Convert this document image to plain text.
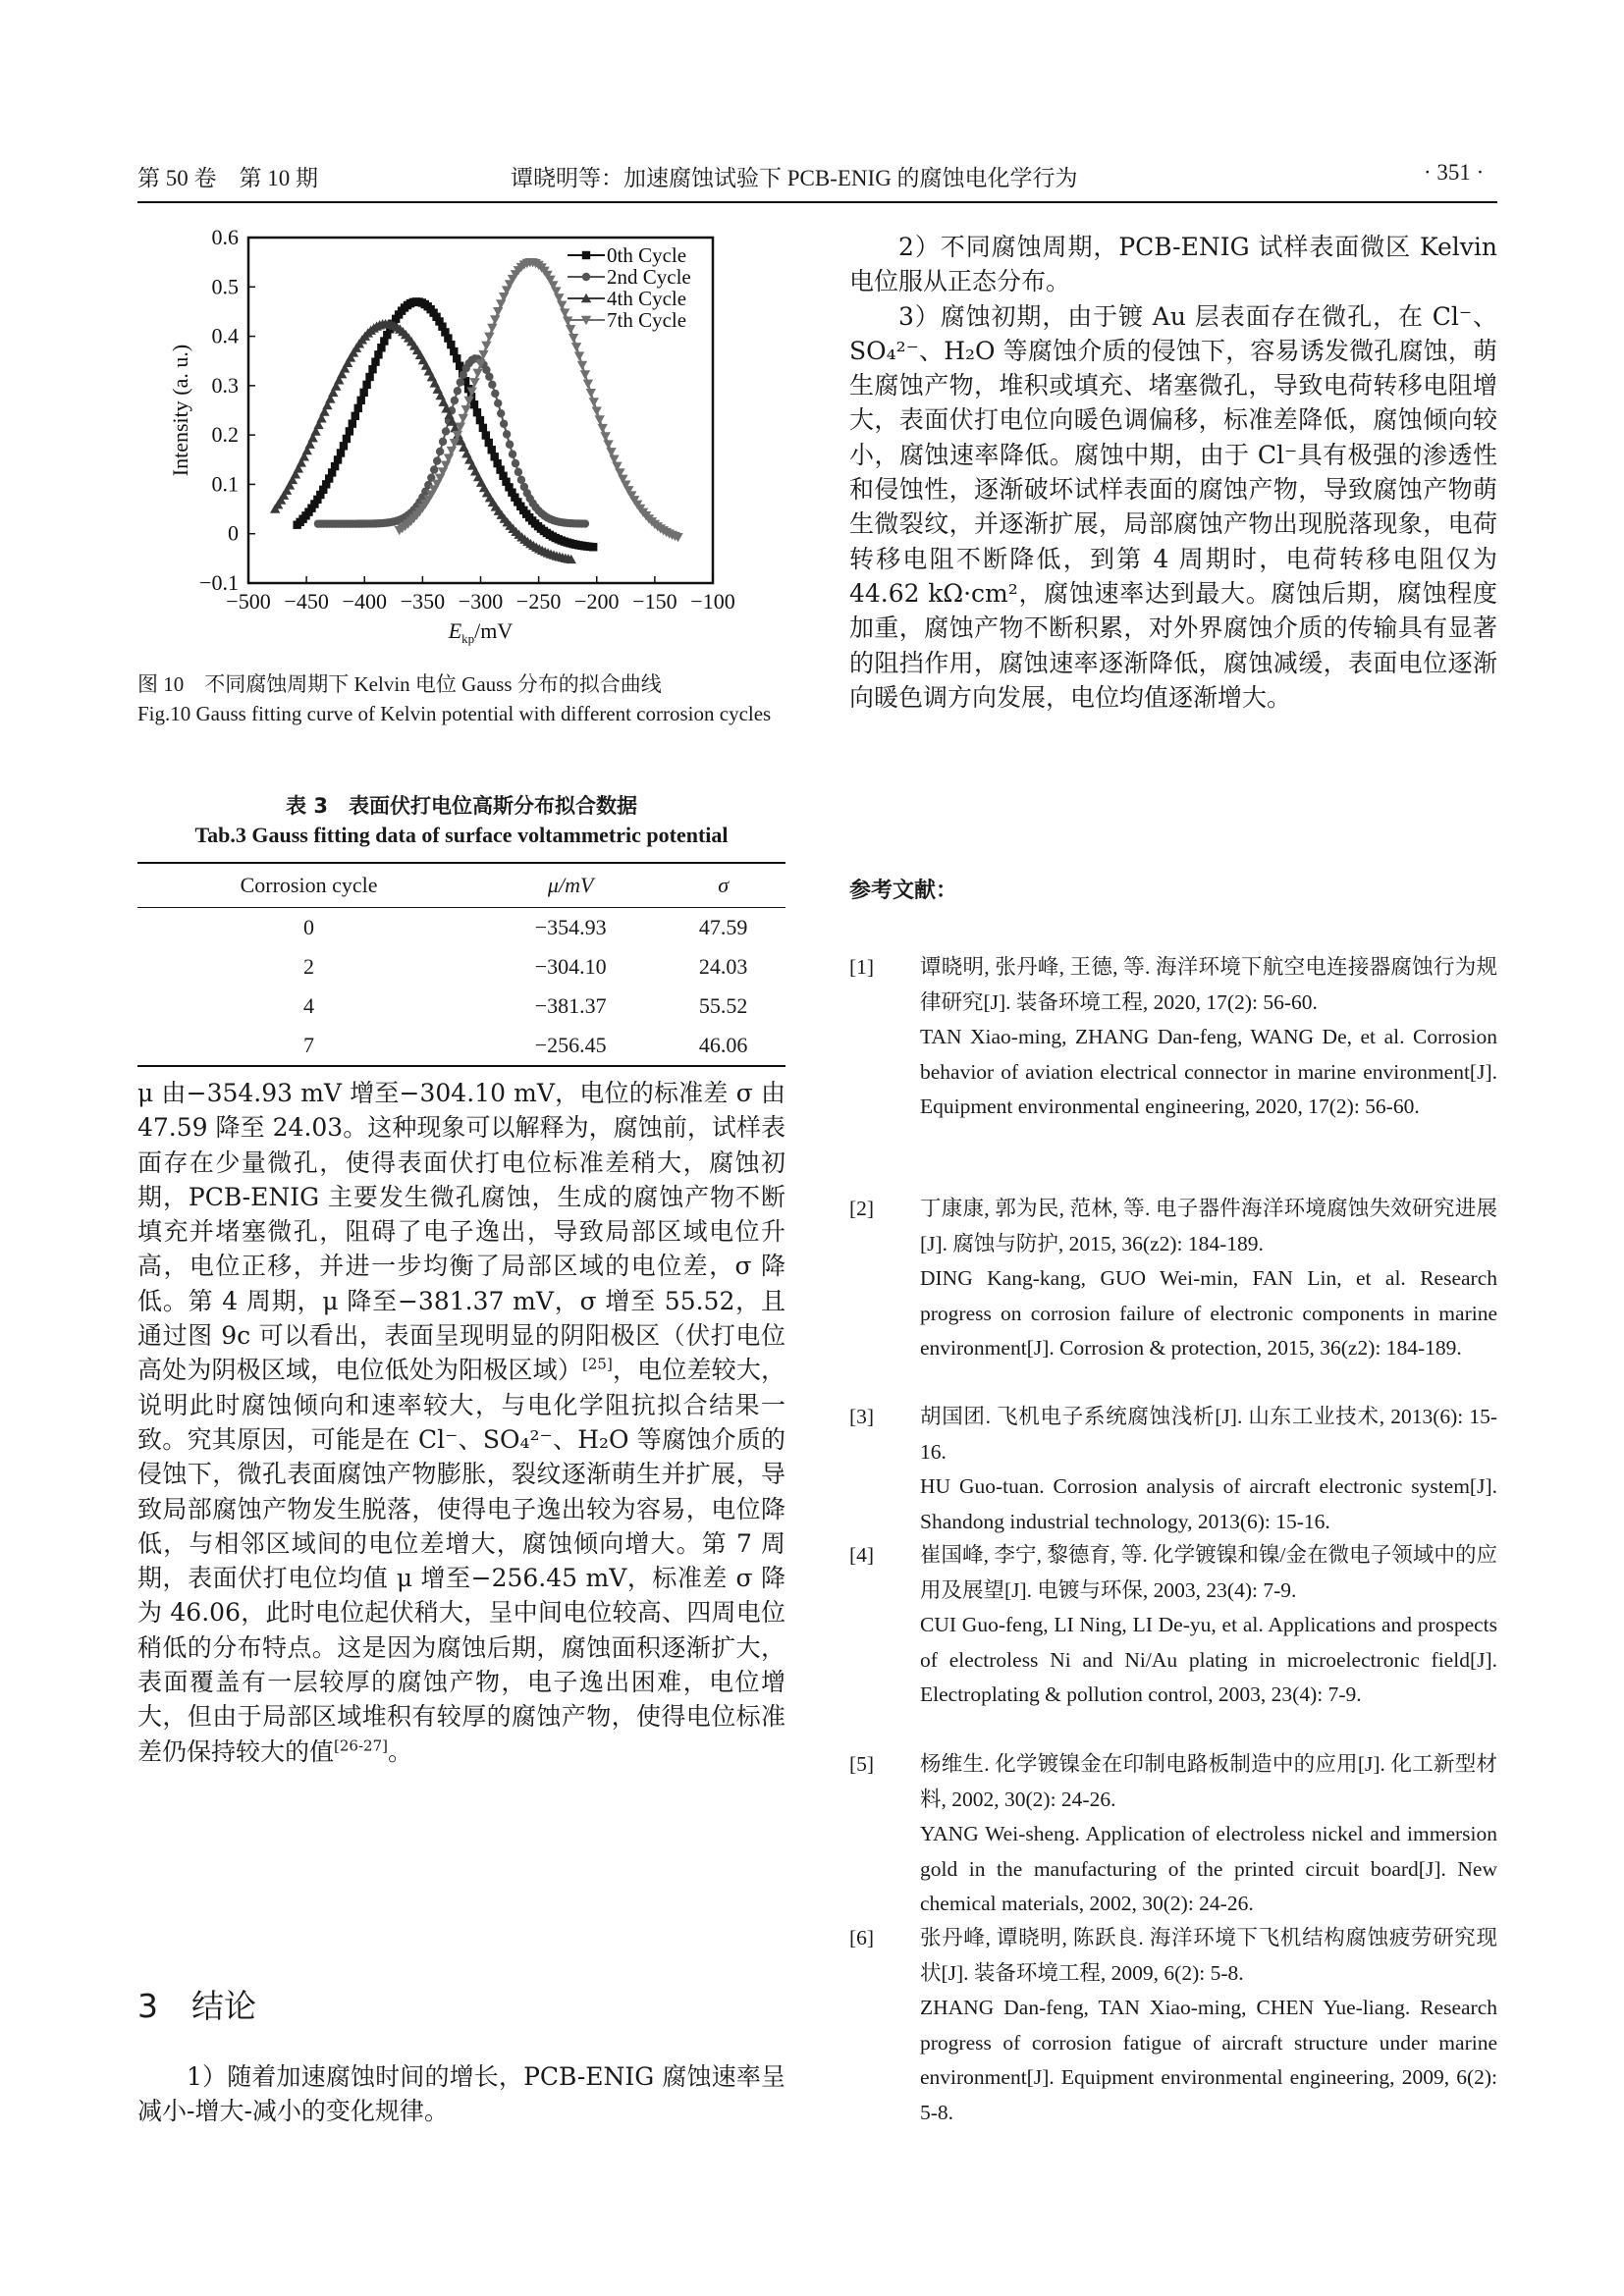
第 50 卷　第 10 期	谭晓明等：加速腐蚀试验下 PCB-ENIG 的腐蚀电化学行为	· 351 ·
−500 −450 −400 −350 −300 −250 −200 −150 −100
−0.1
0
0.1
0.2
0.3
0.4
0.5
0.6
$E_{kp}/mV$
Intensity (a. u.)
0th Cycle
2nd Cycle
4th Cycle
7th Cycle
图 10　不同腐蚀周期下 Kelvin 电位 Gauss 分布的拟合曲线
Fig.10 Gauss fitting curve of Kelvin potential with different corrosion cycles
表 3　表面伏打电位高斯分布拟合数据
Tab.3 Gauss fitting data of surface voltammetric potential
Corrosion cycle	μ/mV	σ
0	−354.93	47.59
2	−304.10	24.03
4	−381.37	55.52
7	−256.45	46.06

μ 由−354.93 mV 增至−304.10 mV，电位的标准差 σ 由 47.59 降至 24.03。这种现象可以解释为，腐蚀前，试样表面存在少量微孔，使得表面伏打电位标准差稍大，腐蚀初期，PCB-ENIG 主要发生微孔腐蚀，生成的腐蚀产物不断填充并堵塞微孔，阻碍了电子逸出，导致局部区域电位升高，电位正移，并进一步均衡了局部区域的电位差，σ 降低。第 4 周期，μ 降至−381.37 mV，σ 增至 55.52，且通过图 9c 可以看出，表面呈现明显的阴阳极区（伏打电位高处为阴极区域，电位低处为阳极区域）[25]，电位差较大，说明此时腐蚀倾向和速率较大，与电化学阻抗拟合结果一致。究其原因，可能是在 Cl⁻、SO₄²⁻、H₂O 等腐蚀介质的侵蚀下，微孔表面腐蚀产物膨胀，裂纹逐渐萌生并扩展，导致局部腐蚀产物发生脱落，使得电子逸出较为容易，电位降低，与相邻区域间的电位差增大，腐蚀倾向增大。第 7 周期，表面伏打电位均值 μ 增至−256.45 mV，标准差 σ 降为 46.06，此时电位起伏稍大，呈中间电位较高、四周电位稍低的分布特点。这是因为腐蚀后期，腐蚀面积逐渐扩大，表面覆盖有一层较厚的腐蚀产物，电子逸出困难，电位增大，但由于局部区域堆积有较厚的腐蚀产物，使得电位标准差仍保持较大的值[26-27]。

3 结论

1）随着加速腐蚀时间的增长，PCB-ENIG 腐蚀速率呈减小-增大-减小的变化规律。

2）不同腐蚀周期，PCB-ENIG 试样表面微区 Kelvin 电位服从正态分布。

3）腐蚀初期，由于镀 Au 层表面存在微孔，在 Cl⁻、SO₄²⁻、H₂O 等腐蚀介质的侵蚀下，容易诱发微孔腐蚀，萌生腐蚀产物，堆积或填充、堵塞微孔，导致电荷转移电阻增大，表面伏打电位向暖色调偏移，标准差降低，腐蚀倾向较小，腐蚀速率降低。腐蚀中期，由于 Cl⁻具有极强的渗透性和侵蚀性，逐渐破坏试样表面的腐蚀产物，导致腐蚀产物萌生微裂纹，并逐渐扩展，局部腐蚀产物出现脱落现象，电荷转移电阻不断降低，到第 4 周期时，电荷转移电阻仅为 44.62 kΩ·cm²，腐蚀速率达到最大。腐蚀后期，腐蚀程度加重，腐蚀产物不断积累，对外界腐蚀介质的传输具有显著的阻挡作用，腐蚀速率逐渐降低，腐蚀减缓，表面电位逐渐向暖色调方向发展，电位均值逐渐增大。

参考文献：
[1] 谭晓明, 张丹峰, 王德, 等. 海洋环境下航空电连接器腐蚀行为规律研究[J]. 装备环境工程, 2020, 17(2): 56-60.
TAN Xiao-ming, ZHANG Dan-feng, WANG De, et al. Corrosion behavior of aviation electrical connector in marine environment[J]. Equipment environmental engineering, 2020, 17(2): 56-60.
[2] 丁康康, 郭为民, 范林, 等. 电子器件海洋环境腐蚀失效研究进展[J]. 腐蚀与防护, 2015, 36(z2): 184-189.
DING Kang-kang, GUO Wei-min, FAN Lin, et al. Research progress on corrosion failure of electronic components in marine environment[J]. Corrosion & protection, 2015, 36(z2): 184-189.
[3] 胡国团. 飞机电子系统腐蚀浅析[J]. 山东工业技术, 2013(6): 15-16.
HU Guo-tuan. Corrosion analysis of aircraft electronic system[J]. Shandong industrial technology, 2013(6): 15-16.
[4] 崔国峰, 李宁, 黎德育, 等. 化学镀镍和镍/金在微电子领域中的应用及展望[J]. 电镀与环保, 2003, 23(4): 7-9.
CUI Guo-feng, LI Ning, LI De-yu, et al. Applications and prospects of electroless Ni and Ni/Au plating in microelectronic field[J]. Electroplating & pollution control, 2003, 23(4): 7-9.
[5] 杨维生. 化学镀镍金在印制电路板制造中的应用[J]. 化工新型材料, 2002, 30(2): 24-26.
YANG Wei-sheng. Application of electroless nickel and immersion gold in the manufacturing of the printed circuit board[J]. New chemical materials, 2002, 30(2): 24-26.
[6] 张丹峰, 谭晓明, 陈跃良. 海洋环境下飞机结构腐蚀疲劳研究现状[J]. 装备环境工程, 2009, 6(2): 5-8.
ZHANG Dan-feng, TAN Xiao-ming, CHEN Yue-liang. Research progress of corrosion fatigue of aircraft structure under marine environment[J]. Equipment environmental engineering, 2009, 6(2): 5-8.
